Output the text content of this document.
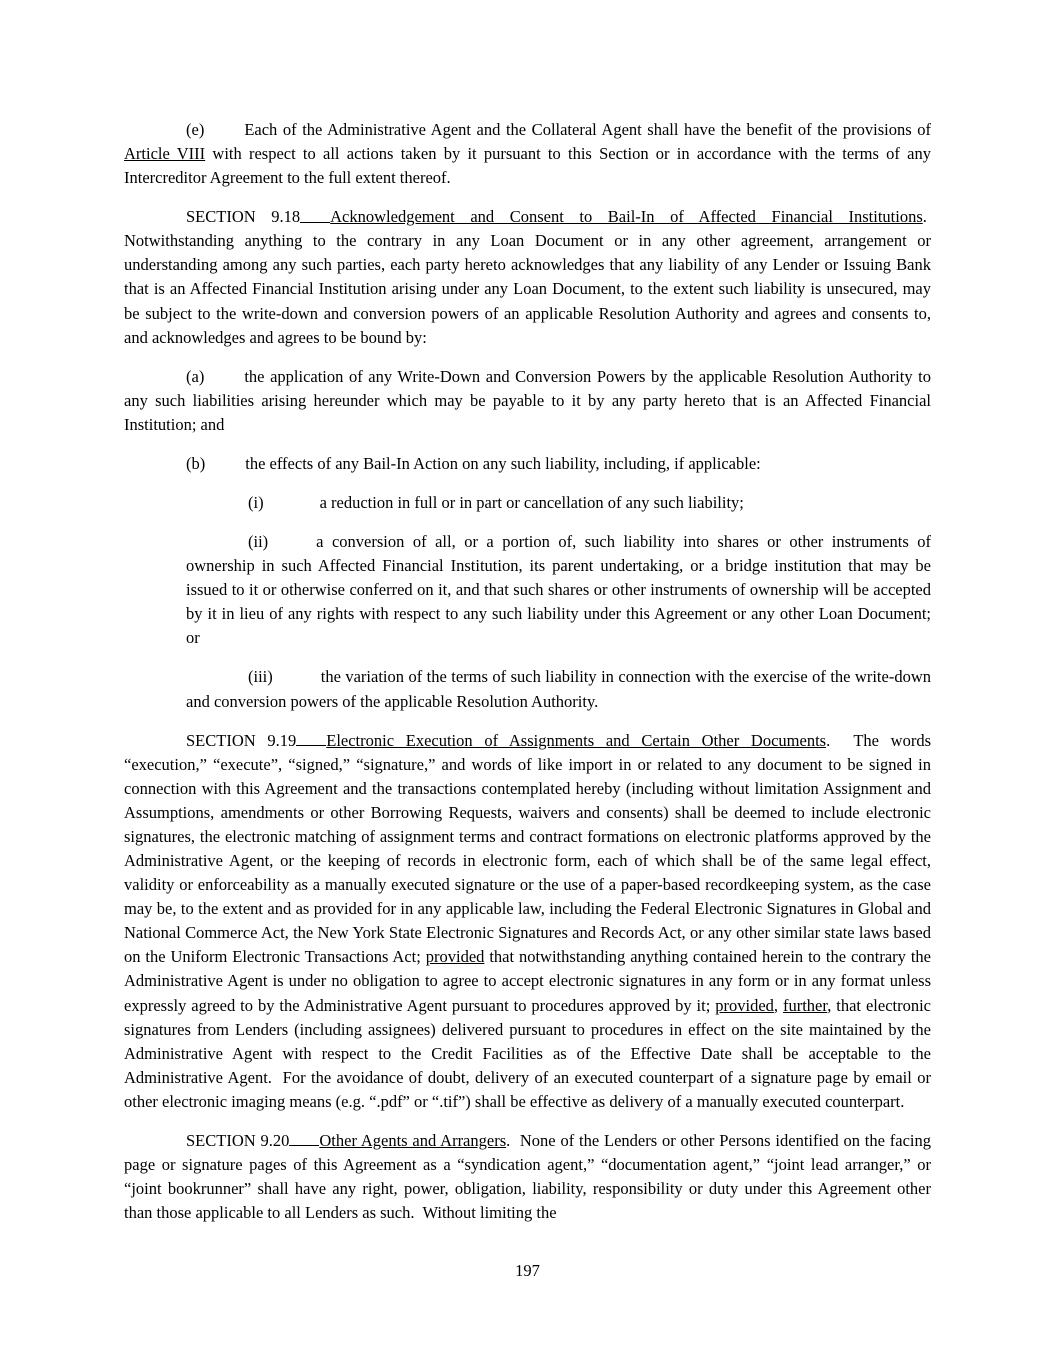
(e) Each of the Administrative Agent and the Collateral Agent shall have the benefit of the provisions of Article VIII with respect to all actions taken by it pursuant to this Section or in accordance with the terms of any Intercreditor Agreement to the full extent thereof.

SECTION 9.18 Acknowledgement and Consent to Bail-In of Affected Financial Institutions.  Notwithstanding anything to the contrary in any Loan Document or in any other agreement, arrangement or understanding among any such parties, each party hereto acknowledges that any liability of any Lender or Issuing Bank that is an Affected Financial Institution arising under any Loan Document, to the extent such liability is unsecured, may be subject to the write-down and conversion powers of an applicable Resolution Authority and agrees and consents to, and acknowledges and agrees to be bound by:

(a) the application of any Write-Down and Conversion Powers by the applicable Resolution Authority to any such liabilities arising hereunder which may be payable to it by any party hereto that is an Affected Financial Institution; and

(b) the effects of any Bail-In Action on any such liability, including, if applicable:

(i)	a reduction in full or in part or cancellation of any such liability;

(ii)	a conversion of all, or a portion of, such liability into shares or other instruments of ownership in such Affected Financial Institution, its parent undertaking, or a bridge institution that may be issued to it or otherwise conferred on it, and that such shares or other instruments of ownership will be accepted by it in lieu of any rights with respect to any such liability under this Agreement or any other Loan Document; or

(iii)	the variation of the terms of such liability in connection with the exercise of the write-down and conversion powers of the applicable Resolution Authority.

SECTION 9.19 Electronic Execution of Assignments and Certain Other Documents.  The words “execution,” “execute”, “signed,” “signature,” and words of like import in or related to any document to be signed in connection with this Agreement and the transactions contemplated hereby (including without limitation Assignment and Assumptions, amendments or other Borrowing Requests, waivers and consents) shall be deemed to include electronic signatures, the electronic matching of assignment terms and contract formations on electronic platforms approved by the Administrative Agent, or the keeping of records in electronic form, each of which shall be of the same legal effect, validity or enforceability as a manually executed signature or the use of a paper-based recordkeeping system, as the case may be, to the extent and as provided for in any applicable law, including the Federal Electronic Signatures in Global and National Commerce Act, the New York State Electronic Signatures and Records Act, or any other similar state laws based on the Uniform Electronic Transactions Act; provided that notwithstanding anything contained herein to the contrary the Administrative Agent is under no obligation to agree to accept electronic signatures in any form or in any format unless expressly agreed to by the Administrative Agent pursuant to procedures approved by it; provided, further, that electronic signatures from Lenders (including assignees) delivered pursuant to procedures in effect on the site maintained by the Administrative Agent with respect to the Credit Facilities as of the Effective Date shall be acceptable to the Administrative Agent.  For the avoidance of doubt, delivery of an executed counterpart of a signature page by email or other electronic imaging means (e.g. “.pdf” or “.tif”) shall be effective as delivery of a manually executed counterpart.

SECTION 9.20 Other Agents and Arrangers.  None of the Lenders or other Persons identified on the facing page or signature pages of this Agreement as a “syndication agent,” “documentation agent,” “joint lead arranger,” or “joint bookrunner” shall have any right, power, obligation, liability, responsibility or duty under this Agreement other than those applicable to all Lenders as such.  Without limiting the

197
